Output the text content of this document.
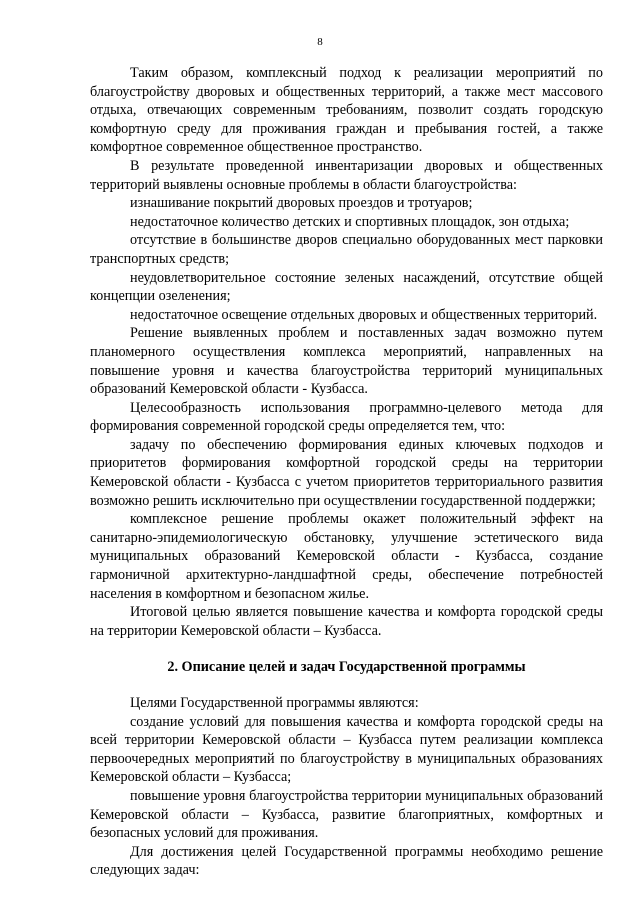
8

Таким образом, комплексный подход к реализации мероприятий по благоустройству дворовых и общественных территорий, а также мест массового отдыха, отвечающих современным требованиям, позволит создать городскую комфортную среду для проживания граждан и пребывания гостей, а также комфортное современное общественное пространство.

В результате проведенной инвентаризации дворовых и общественных территорий выявлены основные проблемы в области благоустройства:

изнашивание покрытий дворовых проездов и тротуаров;

недостаточное количество детских и спортивных площадок, зон отдыха;

отсутствие в большинстве дворов специально оборудованных мест парковки транспортных средств;

неудовлетворительное состояние зеленых насаждений, отсутствие общей концепции озеленения;

недостаточное освещение отдельных дворовых и общественных территорий.

Решение выявленных проблем и поставленных задач возможно путем планомерного осуществления комплекса мероприятий, направленных на повышение уровня и качества благоустройства территорий муниципальных образований Кемеровской области - Кузбасса.

Целесообразность использования программно-целевого метода для формирования современной городской среды определяется тем, что:

задачу по обеспечению формирования единых ключевых подходов и приоритетов формирования комфортной городской среды на территории Кемеровской области - Кузбасса с учетом приоритетов территориального развития возможно решить исключительно при осуществлении государственной поддержки;

комплексное решение проблемы окажет положительный эффект на санитарно-эпидемиологическую обстановку, улучшение эстетического вида муниципальных образований Кемеровской области - Кузбасса, создание гармоничной архитектурно-ландшафтной среды, обеспечение потребностей населения в комфортном и безопасном жилье.

Итоговой целью является повышение качества и комфорта городской среды на территории Кемеровской области – Кузбасса.

2. Описание целей и задач Государственной программы

Целями Государственной программы являются:

создание условий для повышения качества и комфорта городской среды на всей территории Кемеровской области – Кузбасса путем реализации комплекса первоочередных мероприятий по благоустройству в муниципальных образованиях Кемеровской области – Кузбасса;

повышение уровня благоустройства территории муниципальных образований Кемеровской области – Кузбасса, развитие благоприятных, комфортных и безопасных условий для проживания.

Для достижения целей Государственной программы необходимо решение следующих задач:
